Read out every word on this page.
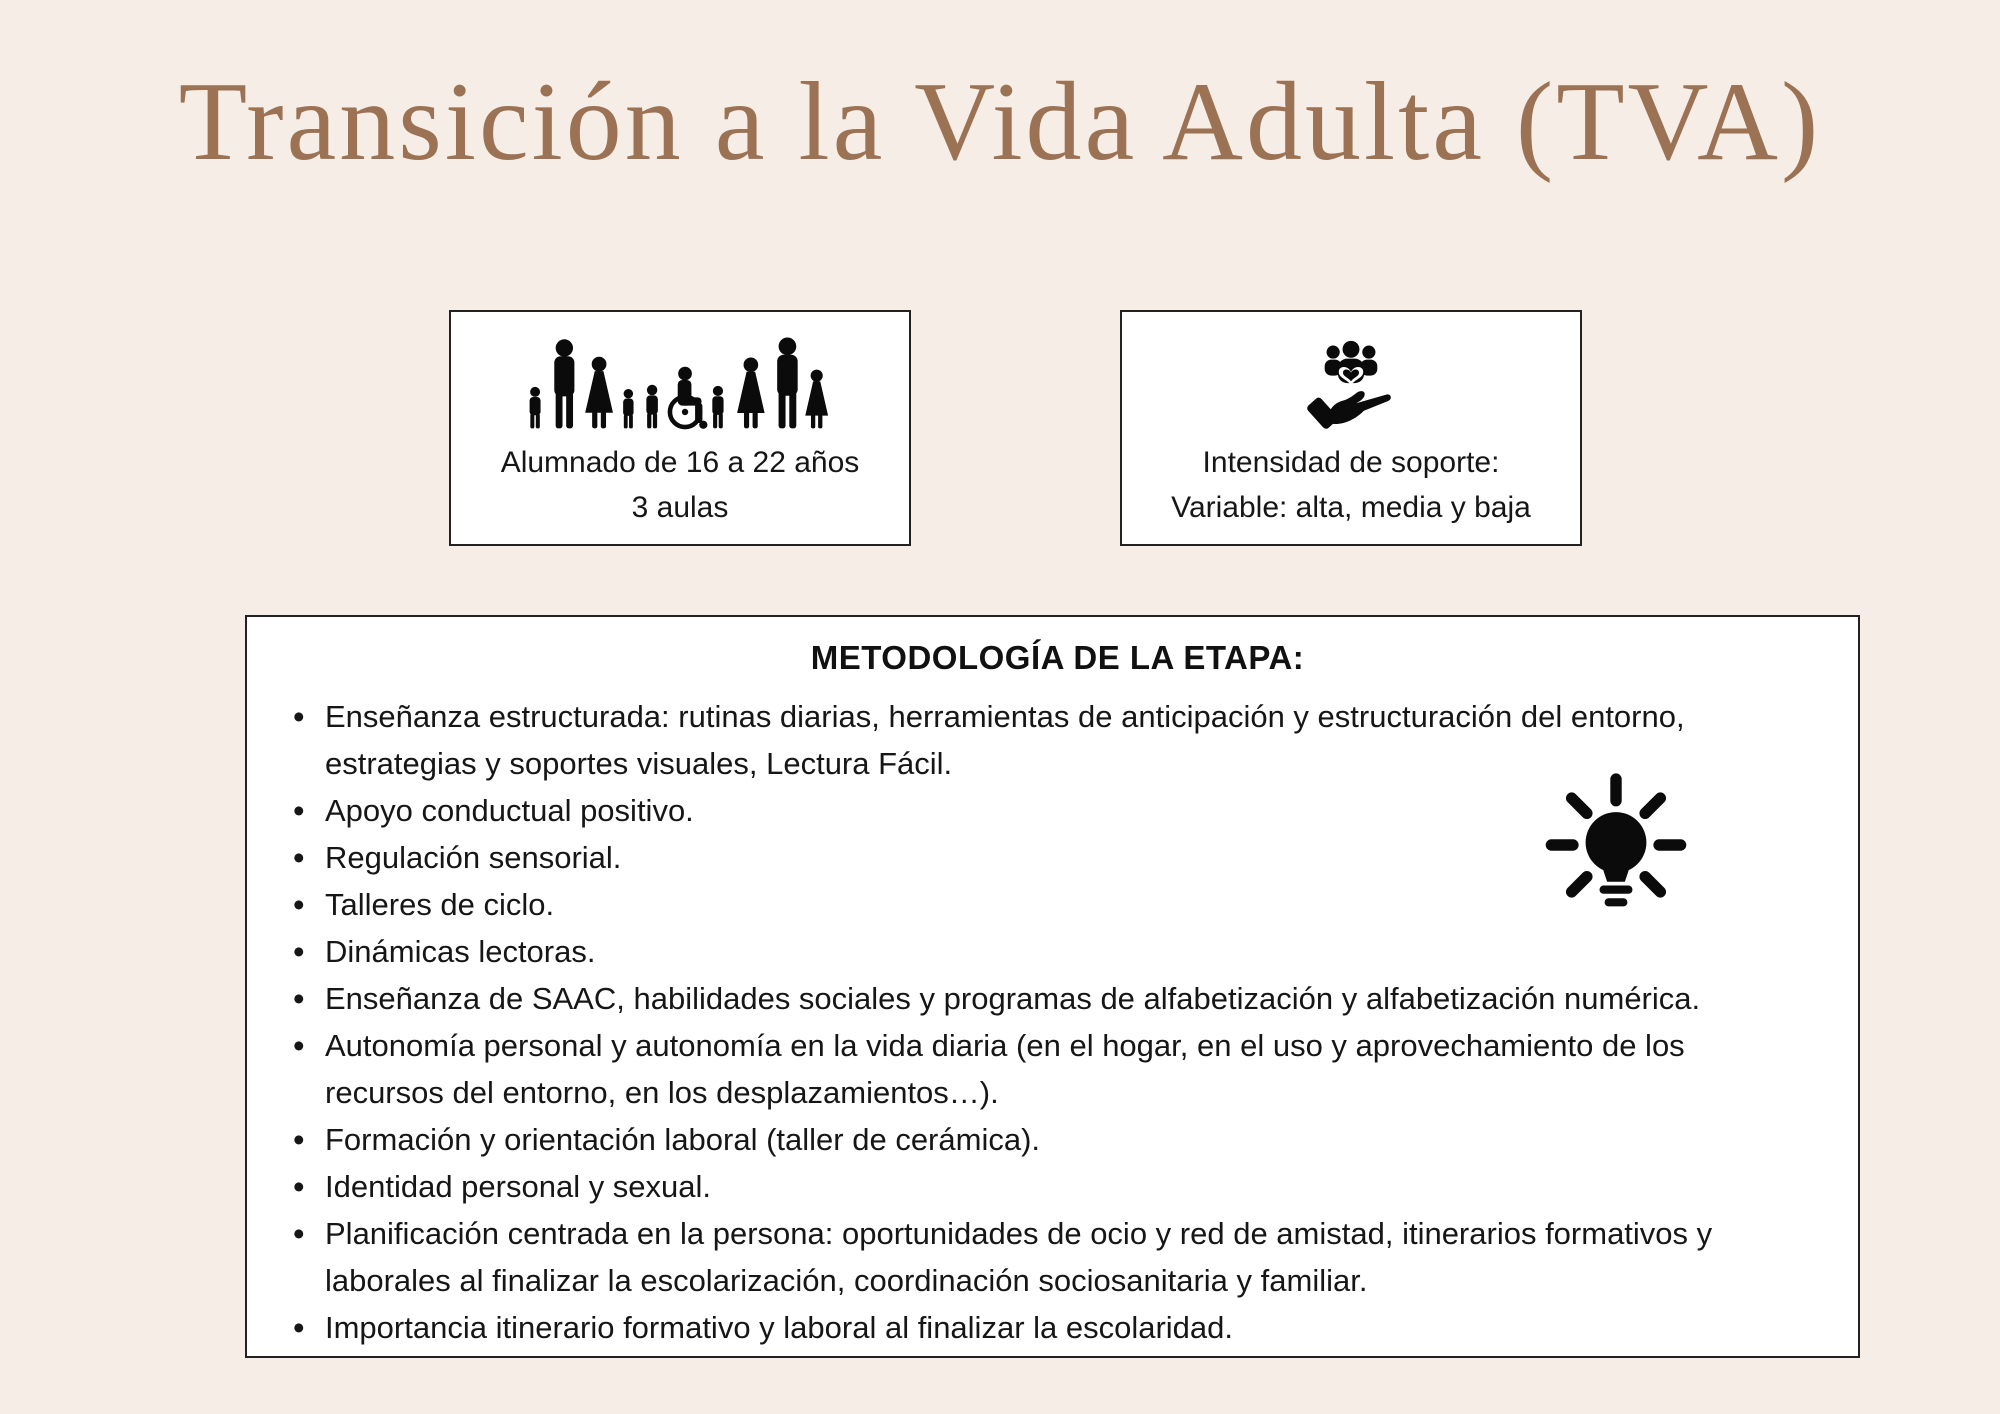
Transición a la Vida Adulta (TVA)
Alumnado de 16 a 22 años
3 aulas
Intensidad de soporte:
Variable: alta, media y baja
METODOLOGÍA DE LA ETAPA:
• Enseñanza estructurada: rutinas diarias, herramientas de anticipación y estructuración del entorno, estrategias y soportes visuales, Lectura Fácil.
• Apoyo conductual positivo.
• Regulación sensorial.
• Talleres de ciclo.
• Dinámicas lectoras.
• Enseñanza de SAAC, habilidades sociales y programas de alfabetización y alfabetización numérica.
• Autonomía personal y autonomía en la vida diaria (en el hogar, en el uso y aprovechamiento de los recursos del entorno, en los desplazamientos…).
• Formación y orientación laboral (taller de cerámica).
• Identidad personal y sexual.
• Planificación centrada en la persona: oportunidades de ocio y red de amistad, itinerarios formativos y laborales al finalizar la escolarización, coordinación sociosanitaria y familiar.
• Importancia itinerario formativo y laboral al finalizar la escolaridad.
